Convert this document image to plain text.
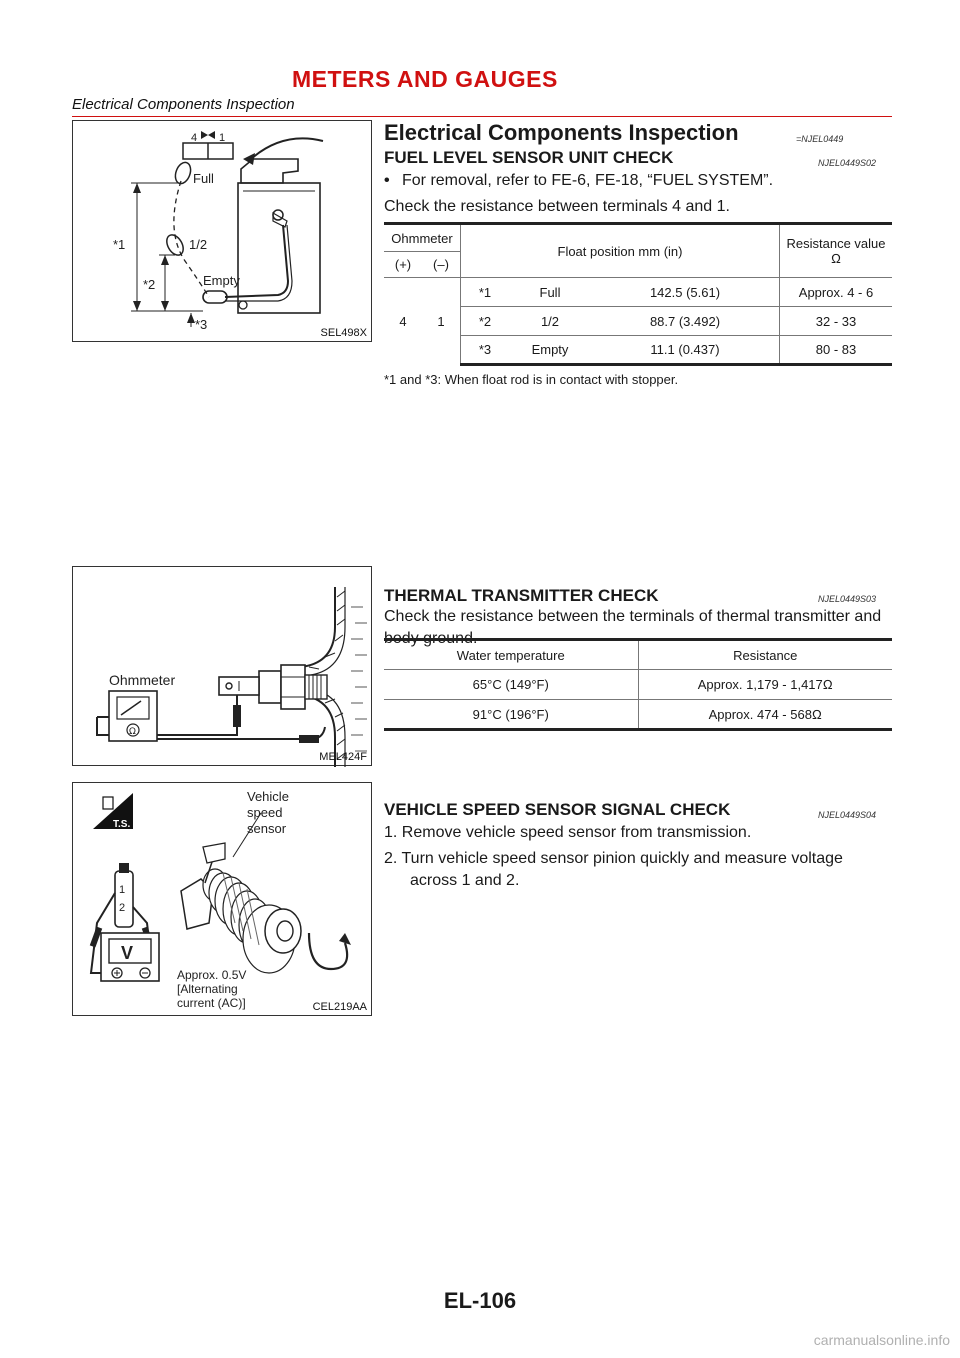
METERS AND GAUGES
Electrical Components Inspection
4 1
Full
1/2
Empty
*1
*2
*3
SEL498X
Electrical Components Inspection	=NJEL0449
FUEL LEVEL SENSOR UNIT CHECK	NJEL0449S02
• For removal, refer to FE-6, FE-18, “FUEL SYSTEM”.
Check the resistance between terminals 4 and 1.
Ohmmeter		Float position mm (in)			Resistance value Ω
(+)	(–)				
4	1	*1	Full	142.5 (5.61)	Approx. 4 - 6
		*2	1/2	88.7 (3.492)	32 - 33
		*3	Empty	11.1 (0.437)	80 - 83
*1 and *3: When float rod is in contact with stopper.
Ω
Ohmmeter
MEL424F
THERMAL TRANSMITTER CHECK	NJEL0449S03
Check the resistance between the terminals of thermal transmitter and body ground.
Water temperature	Resistance
65°C (149°F)	Approx. 1,179 - 1,417Ω
91°C (196°F)	Approx. 474 - 568Ω
T.S.
1
2
V
Vehicle
speed
sensor
Approx. 0.5V
[Alternating
current (AC)]	CEL219AA
VEHICLE SPEED SENSOR SIGNAL CHECK	NJEL0449S04
1. Remove vehicle speed sensor from transmission.
2. Turn vehicle speed sensor pinion quickly and measure voltage across 1 and 2.
EL-106
carmanualsonline.info
